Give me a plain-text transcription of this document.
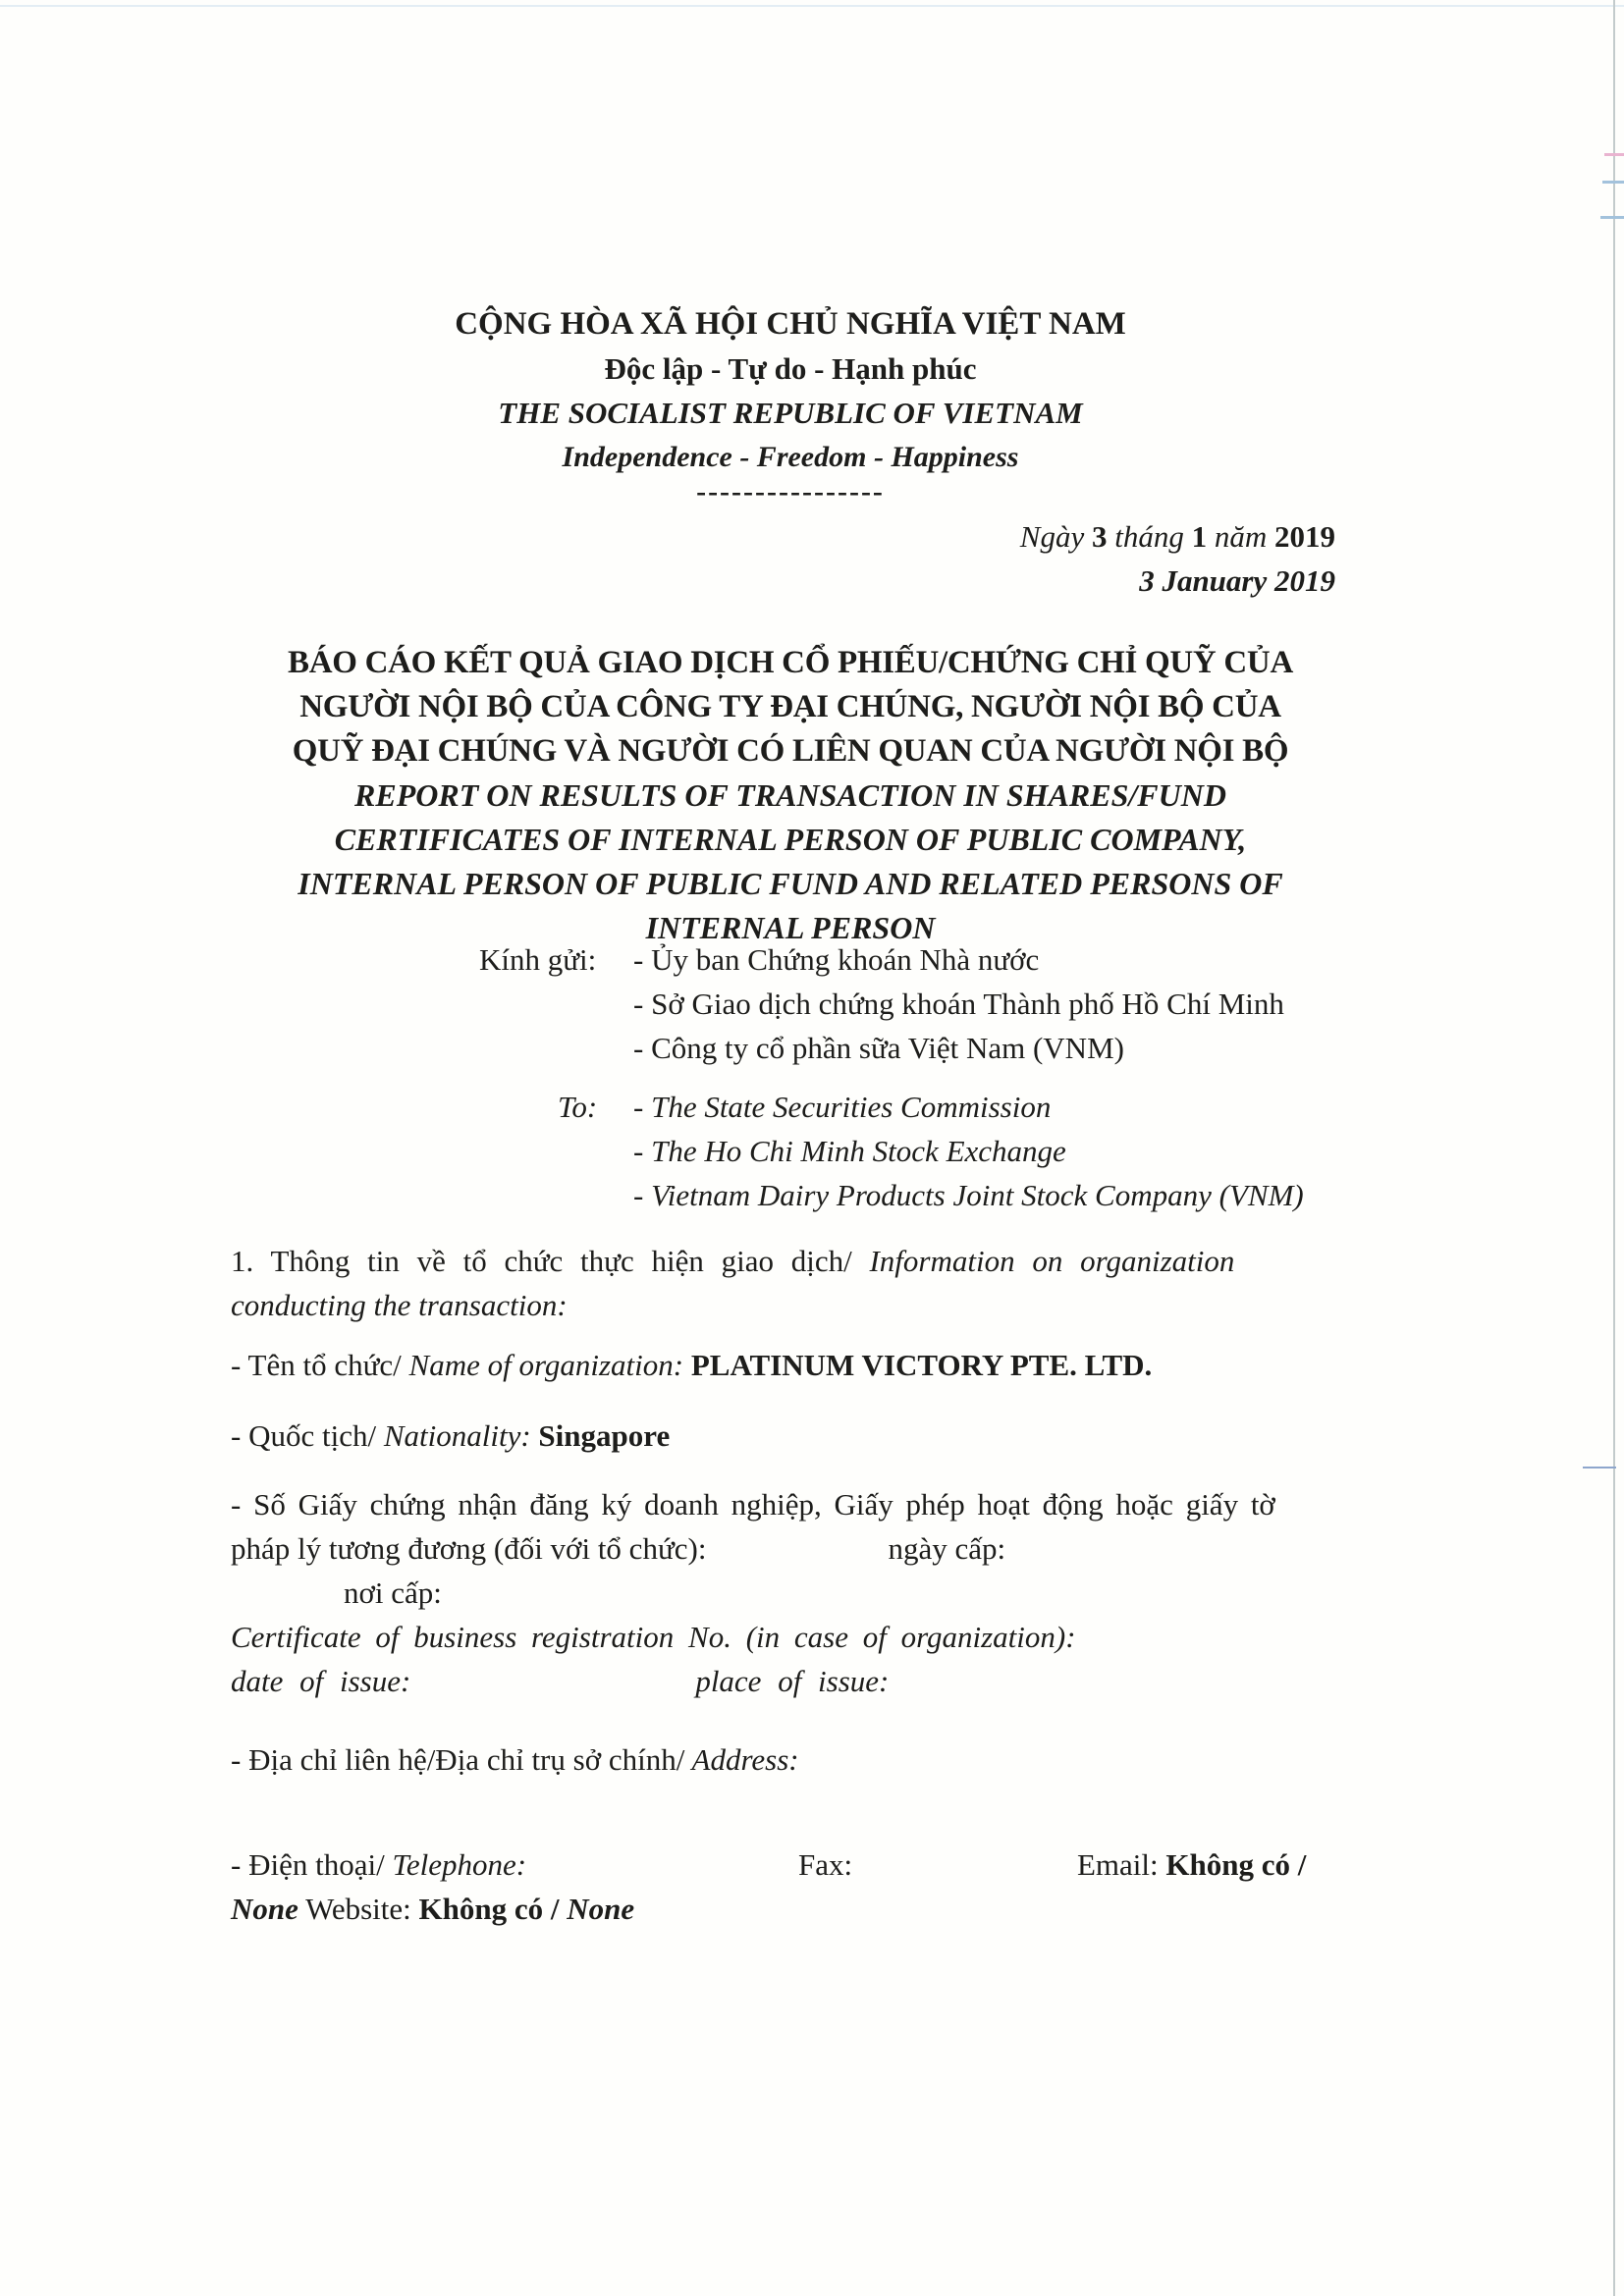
CỘNG HÒA XÃ HỘI CHỦ NGHĨA VIỆT NAM
Độc lập - Tự do - Hạnh phúc
THE SOCIALIST REPUBLIC OF VIETNAM
Independence - Freedom - Happiness
----------------
Ngày 3 tháng 1 năm 2019
3 January 2019
BÁO CÁO KẾT QUẢ GIAO DỊCH CỔ PHIẾU/CHỨNG CHỈ QUỸ CỦA
NGƯỜI NỘI BỘ CỦA CÔNG TY ĐẠI CHÚNG, NGƯỜI NỘI BỘ CỦA
QUỸ ĐẠI CHÚNG VÀ NGƯỜI CÓ LIÊN QUAN CỦA NGƯỜI NỘI BỘ
REPORT ON RESULTS OF TRANSACTION IN SHARES/FUND
CERTIFICATES OF INTERNAL PERSON OF PUBLIC COMPANY,
INTERNAL PERSON OF PUBLIC FUND AND RELATED PERSONS OF
INTERNAL PERSON
Kính gửi:	- Ủy ban Chứng khoán Nhà nước
- Sở Giao dịch chứng khoán Thành phố Hồ Chí Minh
- Công ty cổ phần sữa Việt Nam (VNM)
To:	- The State Securities Commission
- The Ho Chi Minh Stock Exchange
- Vietnam Dairy Products Joint Stock Company (VNM)
1. Thông tin về tổ chức thực hiện giao dịch/ Information on organization
conducting the transaction:
- Tên tổ chức/ Name of organization: PLATINUM VICTORY PTE. LTD.
- Quốc tịch/ Nationality: Singapore
- Số Giấy chứng nhận đăng ký doanh nghiệp, Giấy phép hoạt động hoặc giấy tờ
pháp lý tương đương (đối với tổ chức):	ngày cấp:
nơi cấp:
Certificate of business registration No. (in case of organization):
date of issue:	place of issue:
- Địa chỉ liên hệ/Địa chỉ trụ sở chính/ Address:
- Điện thoại/ Telephone:	Fax:	Email: Không có /
None Website: Không có / None
